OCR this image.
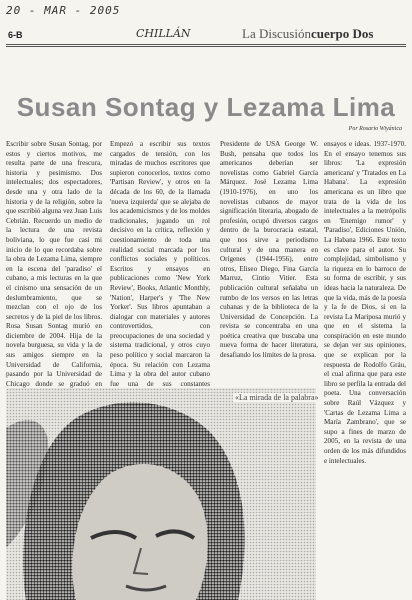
20 - MAR - 2005
6-B	CHILLÁN	La Discusióncuerpo Dos
Susan Sontag y Lezama Lima
Por Rosario Wiyánica

Escribir sobre Susan Sontag, por estos y ciertos motivos, me resulta parte de una frescura, historia y pesimismo. Dos intelectuales; dos espectadores, desde una y otra lado de la historia y de la religión, sobre la que escribió alguna vez Juan Luis Cebrián. Recuerdo un medio de la lectura de una revista boliviana, lo que fue casi mi inicio de lo que recordaba sobre la obra de Lezama Lima, siempre en la escena del 'paradiso' el cubano, a mis lecturas en la que el cinismo una sensación de un deslumbramiento, que se mezclan con el ojo de los secretos y de la piel de los libros. Rosa Susan Sontag murió en diciembre de 2004. Hija de la novela burguesa, su vida y la de sus amigos siempre en la Universidad de California, pasando por la Universidad de Chicago donde se graduó en

Empezó a escribir sus textos cargados de tensión, con los miradas de muchos escritores que supieron conocerlos, textos como 'Partisan Review', y otros en la década de los 60, de la llamada 'nueva izquierda' que se alejaba de los academicismos y de los moldes tradicionales, jugando un rol decisivo en la crítica, reflexión y cuestionamiento de toda una realidad social marcada por los conflictos sociales y políticos. Escritos y ensayos en publicaciones como 'New York Review', Books, Atlantic Monthly, 'Nation', Harper's y 'The New Yorker'. Sus libros apuntaban a dialogar con materiales y autores controvertidos, con preocupaciones de una sociedad y sistema tradicional, y otros cuyo peso político y social marcaron la época. Su relación con Lezama Lima y la obra del autor cubano fue una de sus constantes

Presidente de USA George W. Bush, pensaba que todos los americanos deberían ser novelistas como Gabriel García Márquez. José Lezama Lima (1910-1976), en uno los novelistas cubanos de mayor significación literaria, abogado de profesión, ocupó diversos cargos dentro de la burocracia estatal, que nos sirve a periodismo cultural y de una manera en Orígenes (1944-1956), entre otros, Eliseo Diego, Fina García Marruz, Cintio Vitier. Esta publicación cultural señalaba un rumbo de los versos en las letras cubanas y de la biblioteca de la Universidad de Concepción. La revista se concentraba en una poética creativa que buscaba una nueva forma de hacer literatura, desafiando los límites de la prosa.

ensayos e ideas. 1937-1970. En el ensayo tenemos sus libros: 'La expresión americana' y 'Tratados en La Habana'. La expresión americana es un libro que trata de la vida de los intelectuales a la metrópolis en 'Enemigo rumor' y 'Paradiso', Ediciones Unión, La Habana 1966. Este texto es clave para el autor. Su complejidad, simbolismo y la riqueza en lo barroco de su forma de escribir, y sus ideas hacia la naturaleza. De que la vida, más de la poesía y la fe de Dios, si en la revista La Mariposa murió y que en el sistema la conspiración en este mundo se dejan ver sus opiniones, que se explican por la respuesta de Rodolfo Gráu, el cual afirma que para este libro se perfila la entrada del poeta. Una conversación sobre Raúl Vázquez y 'Cartas de Lezama Lima a María Zambrano', que se supo a fines de marzo de 2005, en la revista de una orden de los más difundidos e intelectuales.

«La mirada de la palabra»
